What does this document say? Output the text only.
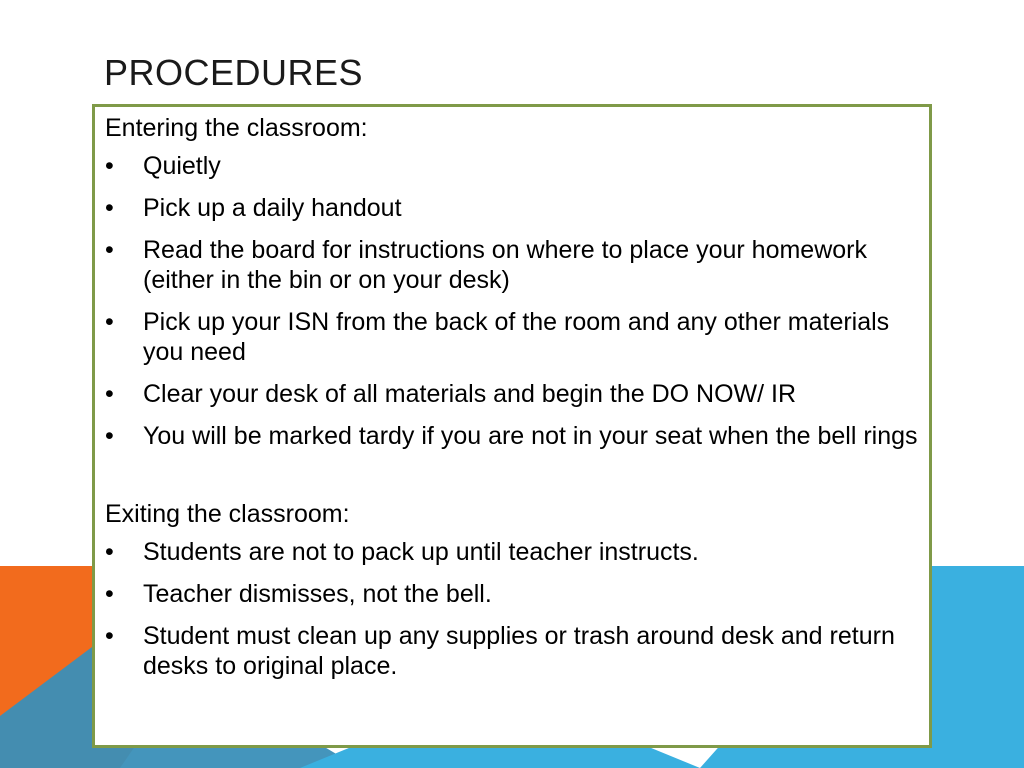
PROCEDURES
Entering the classroom:
•	Quietly
•	Pick up a daily handout
•	Read the board for instructions on where to place your homework (either in the bin or on your desk)
•	Pick up your ISN from the back of the room and any other materials you need
•	Clear your desk of all materials and begin the DO NOW/ IR
•	You will be marked tardy if you are not in your seat when the bell rings
Exiting the classroom:
•	Students are not to pack up until teacher instructs.
•	Teacher dismisses, not the bell.
•	Student must clean up any supplies or trash around desk and return desks to original place.
